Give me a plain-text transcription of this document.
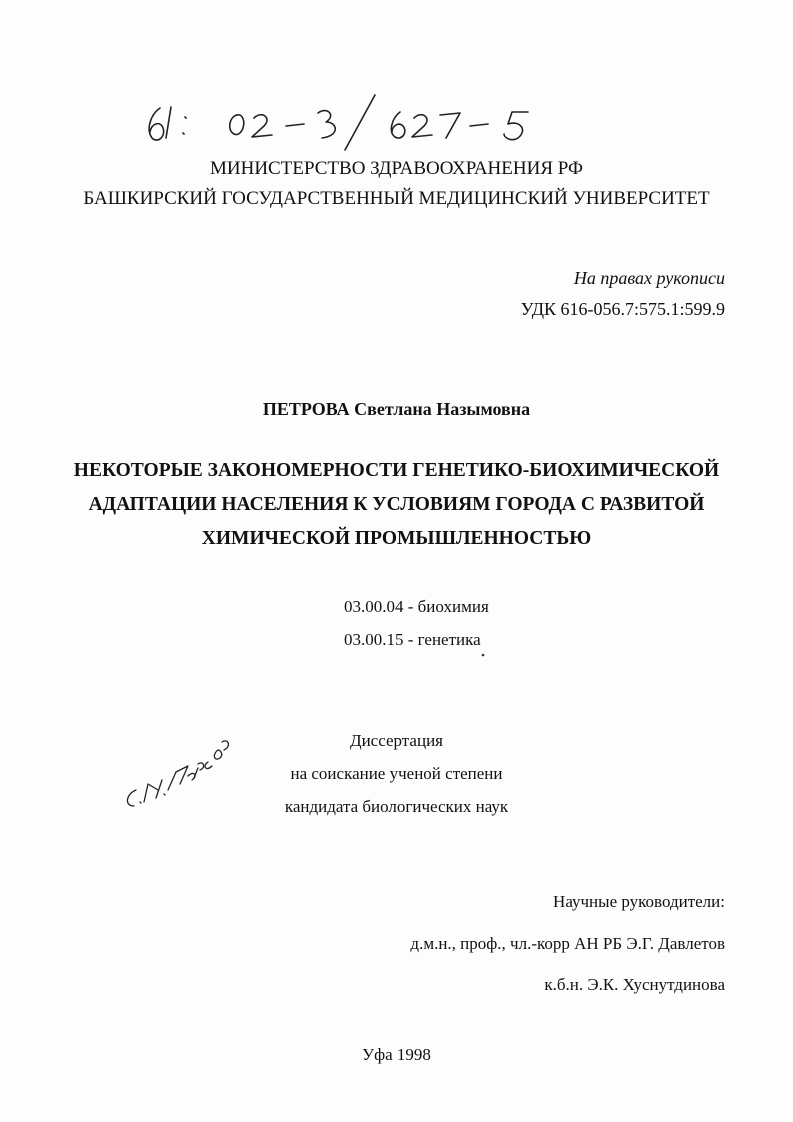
МИНИСТЕРСТВО ЗДРАВООХРАНЕНИЯ РФ
БАШКИРСКИЙ ГОСУДАРСТВЕННЫЙ МЕДИЦИНСКИЙ УНИВЕРСИТЕТ
На правах рукописи
УДК 616-056.7:575.1:599.9
ПЕТРОВА Светлана Назымовна
НЕКОТОРЫЕ ЗАКОНОМЕРНОСТИ ГЕНЕТИКО-БИОХИМИЧЕСКОЙ
АДАПТАЦИИ НАСЕЛЕНИЯ К УСЛОВИЯМ ГОРОДА С РАЗВИТОЙ
ХИМИЧЕСКОЙ ПРОМЫШЛЕННОСТЬЮ
03.00.04 - биохимия
03.00.15 - генетика
Диссертация
на соискание ученой степени
кандидата биологических наук
Научные руководители:
д.м.н., проф., чл.-корр АН РБ Э.Г. Давлетов
к.б.н. Э.К. Хуснутдинова
Уфа 1998
